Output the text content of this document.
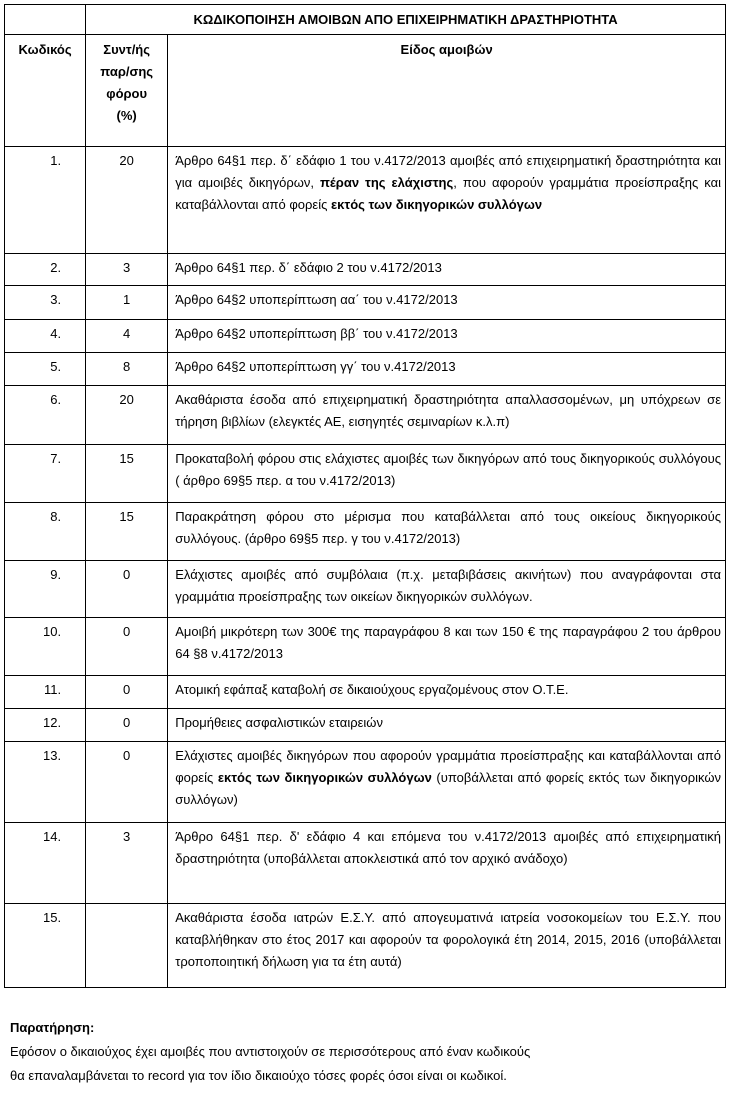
	ΚΩΔΙΚΟΠΟΙΗΣΗ ΑΜΟΙΒΩΝ ΑΠΟ ΕΠΙΧΕΙΡΗΜΑΤΙΚΗ ΔΡΑΣΤΗΡΙΟΤΗΤΑ	
Κωδικός	Συντ/ής
παρ/σης
φόρου
(%)	Είδος αμοιβών
1.	20	Άρθρο 64§1 περ. δ΄ εδάφιο 1 του ν.4172/2013 αμοιβές από επιχειρηματική δραστηριότητα και για αμοιβές δικηγόρων, πέραν της ελάχιστης, που αφορούν γραμμάτια προείσπραξης και καταβάλλονται από φορείς εκτός των δικηγορικών συλλόγων
2.	3	Άρθρο 64§1 περ. δ΄ εδάφιο 2 του ν.4172/2013
3.	1	Άρθρο 64§2 υποπερίπτωση αα΄ του ν.4172/2013
4.	4	Άρθρο 64§2 υποπερίπτωση ββ΄ του ν.4172/2013
5.	8	Άρθρο 64§2 υποπερίπτωση γγ΄ του ν.4172/2013
6.	20	Ακαθάριστα έσοδα από επιχειρηματική δραστηριότητα απαλλασσομένων, μη υπόχρεων σε τήρηση βιβλίων (ελεγκτές ΑΕ, εισηγητές σεμιναρίων κ.λ.π)
7.	15	Προκαταβολή φόρου στις ελάχιστες αμοιβές των δικηγόρων από τους δικηγορικούς συλλόγους ( άρθρο 69§5 περ. α του ν.4172/2013)
8.	15	Παρακράτηση φόρου στο μέρισμα που καταβάλλεται από τους οικείους δικηγορικούς συλλόγους. (άρθρο 69§5 περ. γ του ν.4172/2013)
9.	0	Ελάχιστες αμοιβές από συμβόλαια (π.χ. μεταβιβάσεις ακινήτων) που αναγράφονται στα γραμμάτια προείσπραξης των οικείων δικηγορικών συλλόγων.
10.	0	Αμοιβή μικρότερη των 300€ της παραγράφου 8 και των 150 € της παραγράφου 2 του άρθρου 64 §8 ν.4172/2013
11.	0	Ατομική εφάπαξ καταβολή σε δικαιούχους εργαζομένους στον Ο.Τ.Ε.
12.	0	Προμήθειες ασφαλιστικών εταιρειών
13.	0	Ελάχιστες αμοιβές δικηγόρων που αφορούν γραμμάτια προείσπραξης και καταβάλλονται από φορείς εκτός των δικηγορικών συλλόγων (υποβάλλεται από φορείς εκτός των δικηγορικών συλλόγων)
14.	3	Άρθρο 64§1 περ. δ' εδάφιο 4 και επόμενα του ν.4172/2013 αμοιβές από επιχειρηματική δραστηριότητα (υποβάλλεται αποκλειστικά από τον αρχικό ανάδοχο)
15.		Ακαθάριστα έσοδα ιατρών Ε.Σ.Υ. από απογευματινά ιατρεία νοσοκομείων του Ε.Σ.Υ. που καταβλήθηκαν στο έτος 2017 και αφορούν τα φορολογικά έτη 2014, 2015, 2016 (υποβάλλεται τροποποιητική δήλωση για τα έτη αυτά)
Παρατήρηση:
Εφόσον ο δικαιούχος έχει αμοιβές που αντιστοιχούν σε περισσότερους από έναν κωδικούς
θα επαναλαμβάνεται το record για τον ίδιο δικαιούχο τόσες φορές όσοι είναι οι κωδικοί.
